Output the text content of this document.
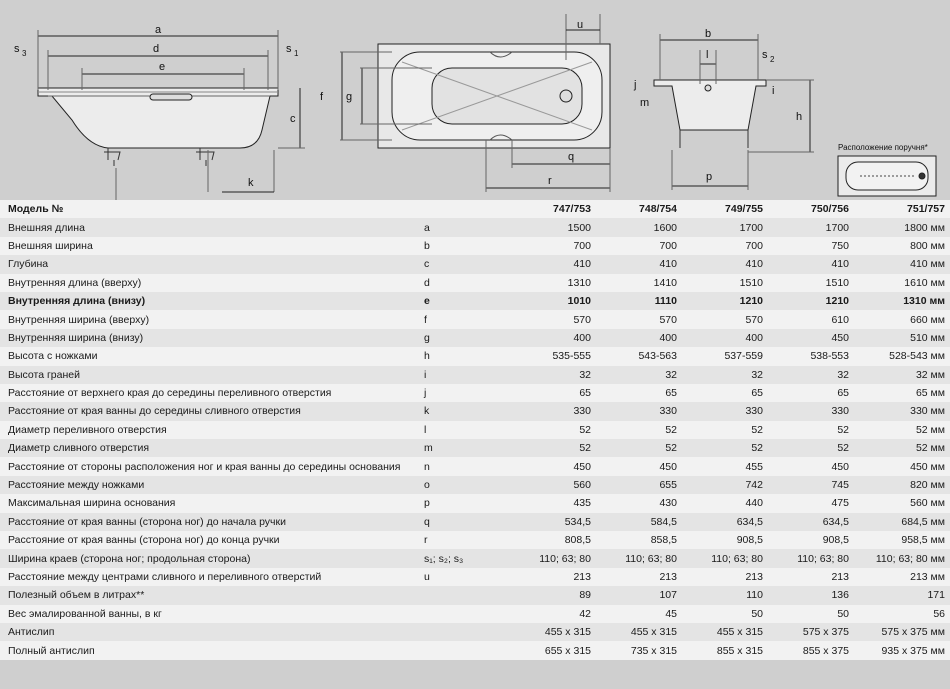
a
d
e
s 3	s 1
c
k
u
f g
q
r
b
l	s 2
j
m
i
h
p
Расположение поручня*
Модель №		747/753	748/754	749/755	750/756	751/757
Внешняя длина	a	1500	1600	1700	1700	1800 мм
Внешняя ширина	b	700	700	700	750	800 мм
Глубина	c	410	410	410	410	410 мм
Внутренняя длина (вверху)	d	1310	1410	1510	1510	1610 мм
Внутренняя длина (внизу)	e	1010	1110	1210	1210	1310 мм
Внутренняя ширина (вверху)	f	570	570	570	610	660 мм
Внутренняя ширина (внизу)	g	400	400	400	450	510 мм
Высота с ножками	h	535-555	543-563	537-559	538-553	528-543 мм
Высота граней	i	32	32	32	32	32 мм
Расстояние от верхнего края до середины переливного отверстия	j	65	65	65	65	65 мм
Расстояние от края ванны до середины сливного отверстия	k	330	330	330	330	330 мм
Диаметр переливного отверстия	l	52	52	52	52	52 мм
Диаметр сливного отверстия	m	52	52	52	52	52 мм
Расстояние от стороны расположения ног и края ванны до середины основания	n	450	450	455	450	450 мм
Расстояние между ножками	o	560	655	742	745	820 мм
Максимальная ширина основания	p	435	430	440	475	560 мм
Расстояние от края ванны (сторона ног) до начала ручки	q	534,5	584,5	634,5	634,5	684,5 мм
Расстояние от края ванны (сторона ног) до конца ручки	r	808,5	858,5	908,5	908,5	958,5 мм
Ширина краев (сторона ног; продольная сторона)	s₁; s₂; s₃	110; 63; 80	110; 63; 80	110; 63; 80	110; 63; 80	110; 63; 80 мм
Расстояние между центрами сливного и переливного отверстий	u	213	213	213	213	213 мм
Полезный объем в литрах**		89	107	110	136	171
Вес эмалированной ванны, в кг		42	45	50	50	56
Антислип		455 x 315	455 x 315	455 x 315	575 x 375	575 x 375 мм
Полный антислип		655 x 315	735 x 315	855 x 315	855 x 375	935 x 375 мм
